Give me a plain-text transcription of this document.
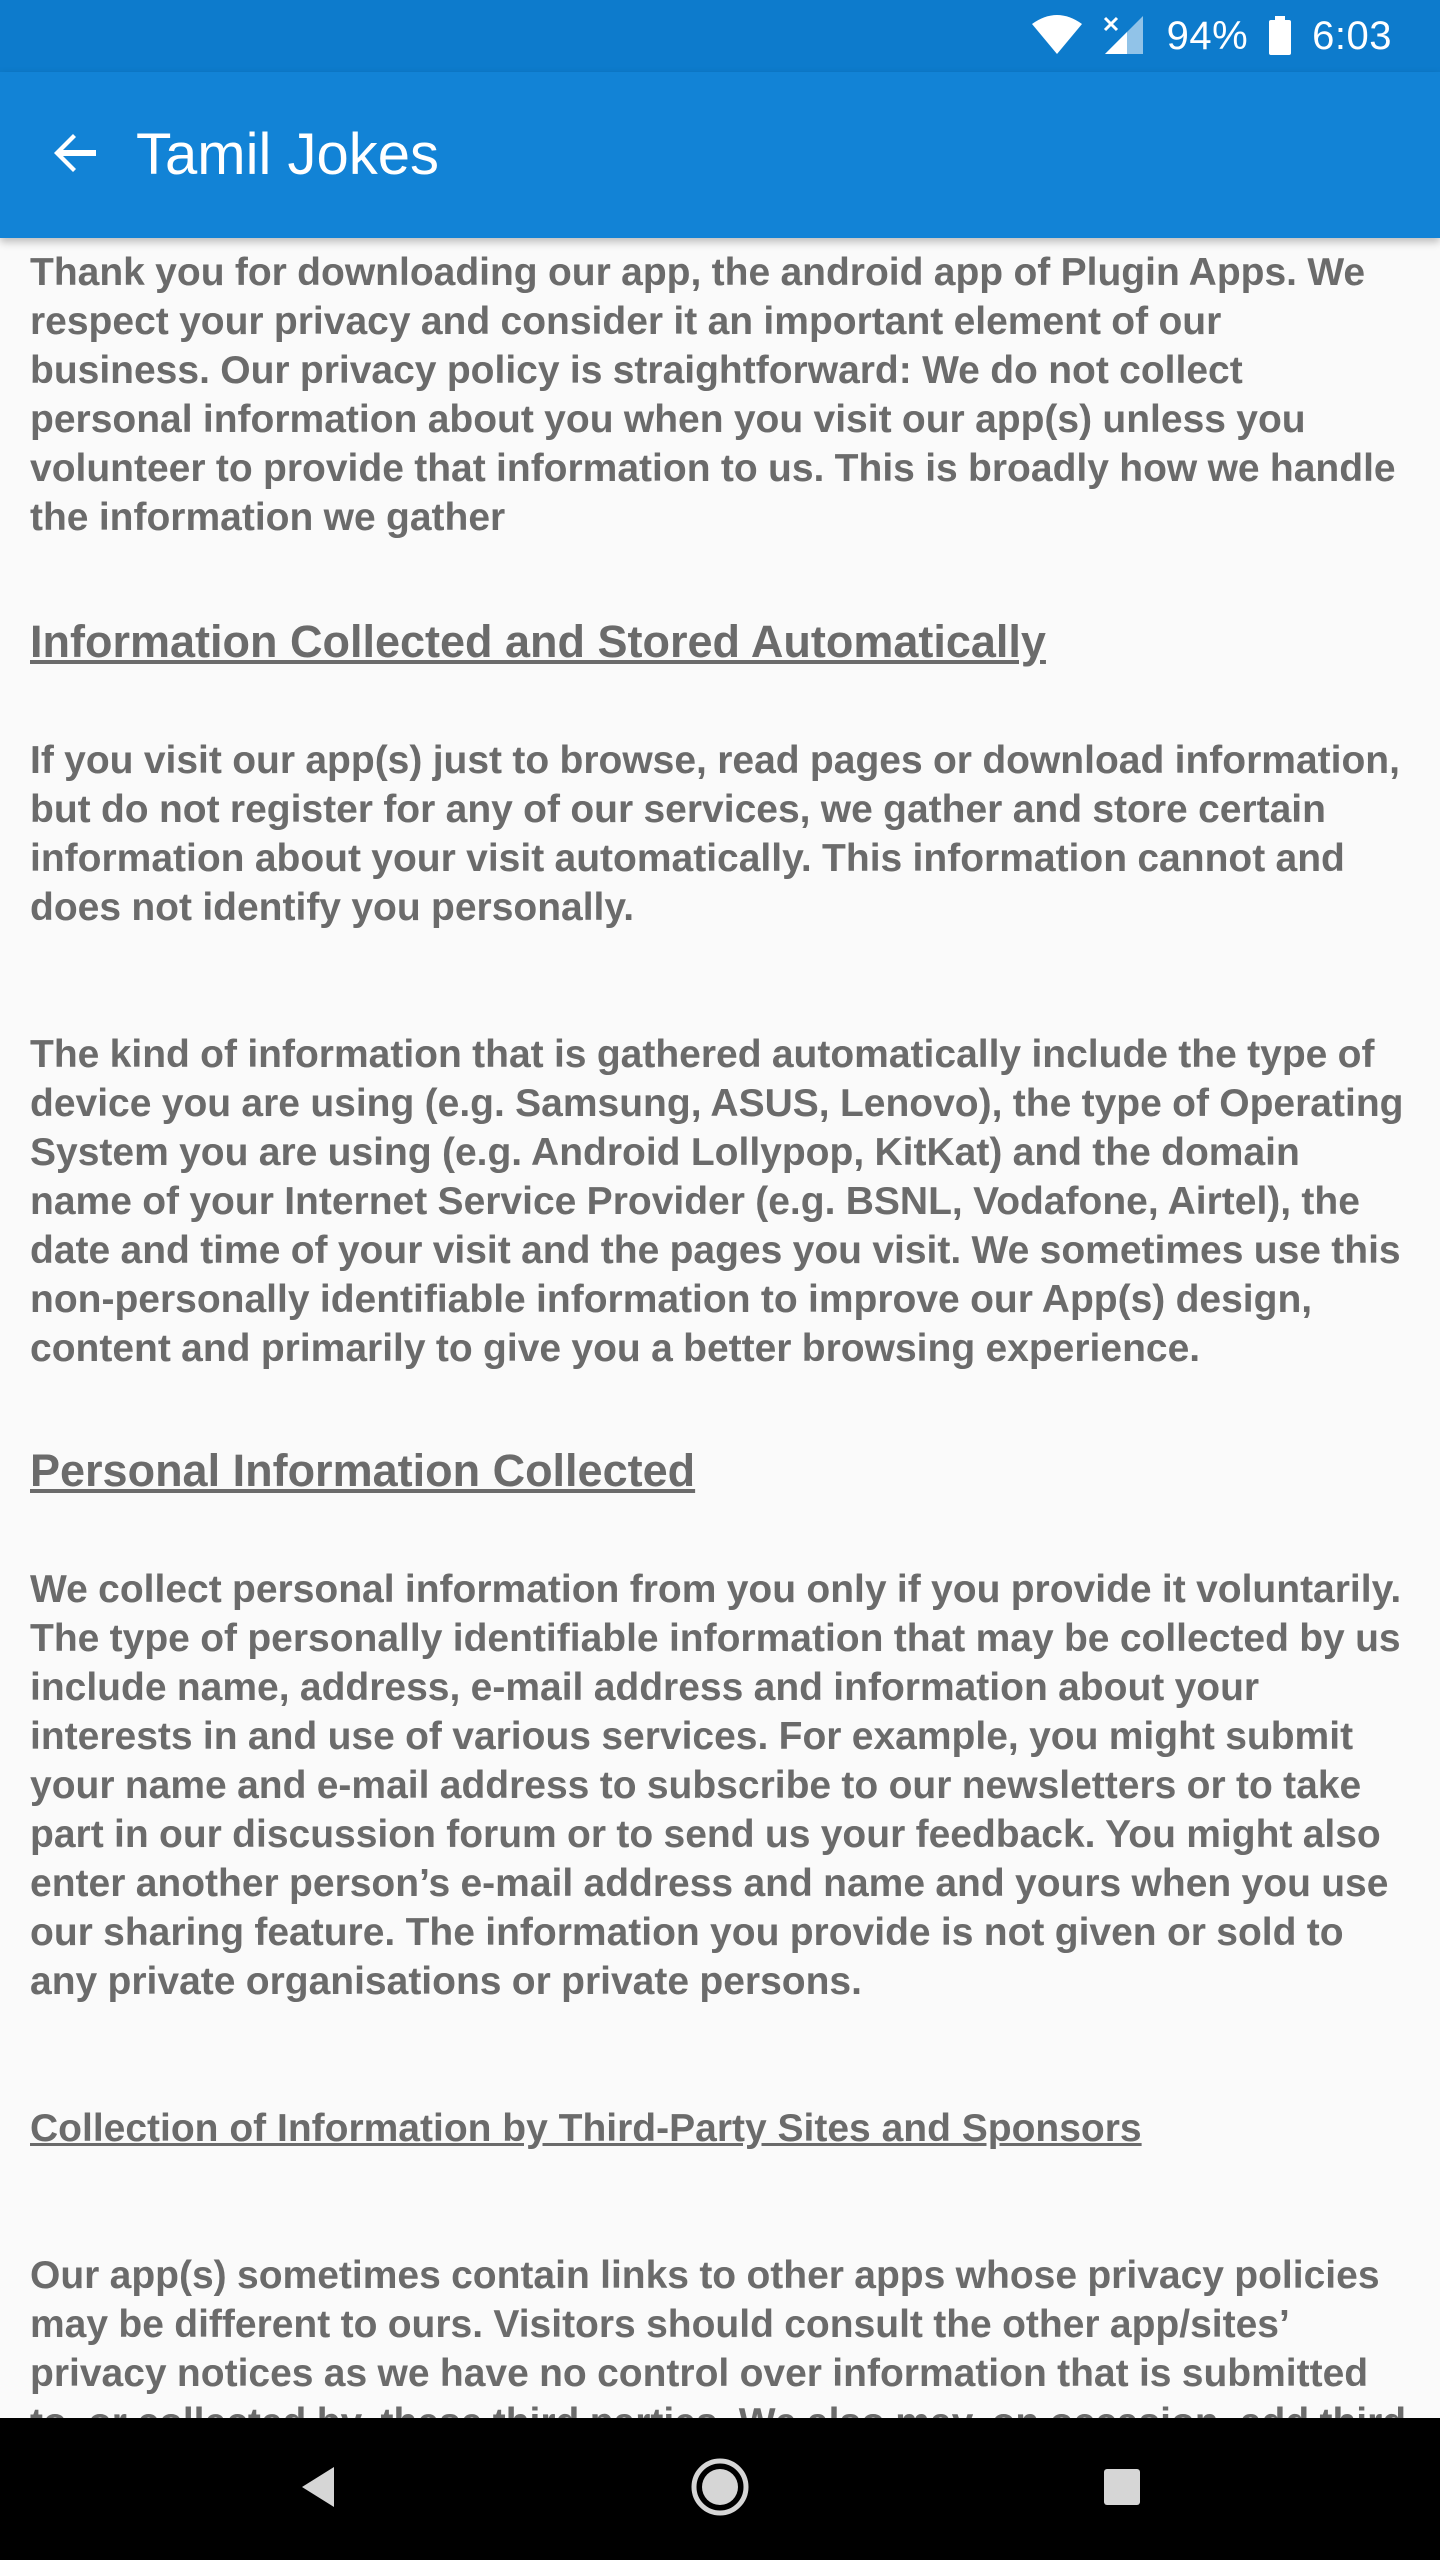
94% 6:03
Tamil Jokes

Thank you for downloading our app, the android app of Plugin Apps. We respect your privacy and consider it an important element of our business. Our privacy policy is straightforward: We do not collect personal information about you when you visit our app(s) unless you volunteer to provide that information to us. This is broadly how we handle the information we gather

Information Collected and Stored Automatically

If you visit our app(s) just to browse, read pages or download information, but do not register for any of our services, we gather and store certain information about your visit automatically. This information cannot and does not identify you personally.

The kind of information that is gathered automatically include the type of device you are using (e.g. Samsung, ASUS, Lenovo), the type of Operating System you are using (e.g. Android Lollypop, KitKat) and the domain name of your Internet Service Provider (e.g. BSNL, Vodafone, Airtel), the date and time of your visit and the pages you visit. We sometimes use this non-personally identifiable information to improve our App(s) design, content and primarily to give you a better browsing experience.

Personal Information Collected

We collect personal information from you only if you provide it voluntarily. The type of personally identifiable information that may be collected by us include name, address, e-mail address and information about your interests in and use of various services. For example, you might submit your name and e-mail address to subscribe to our newsletters or to take part in our discussion forum or to send us your feedback. You might also enter another person’s e-mail address and name and yours when you use our sharing feature. The information you provide is not given or sold to any private organisations or private persons.

Collection of Information by Third-Party Sites and Sponsors

Our app(s) sometimes contain links to other apps whose privacy policies may be different to ours. Visitors should consult the other app/sites’ privacy notices as we have no control over information that is submitted
